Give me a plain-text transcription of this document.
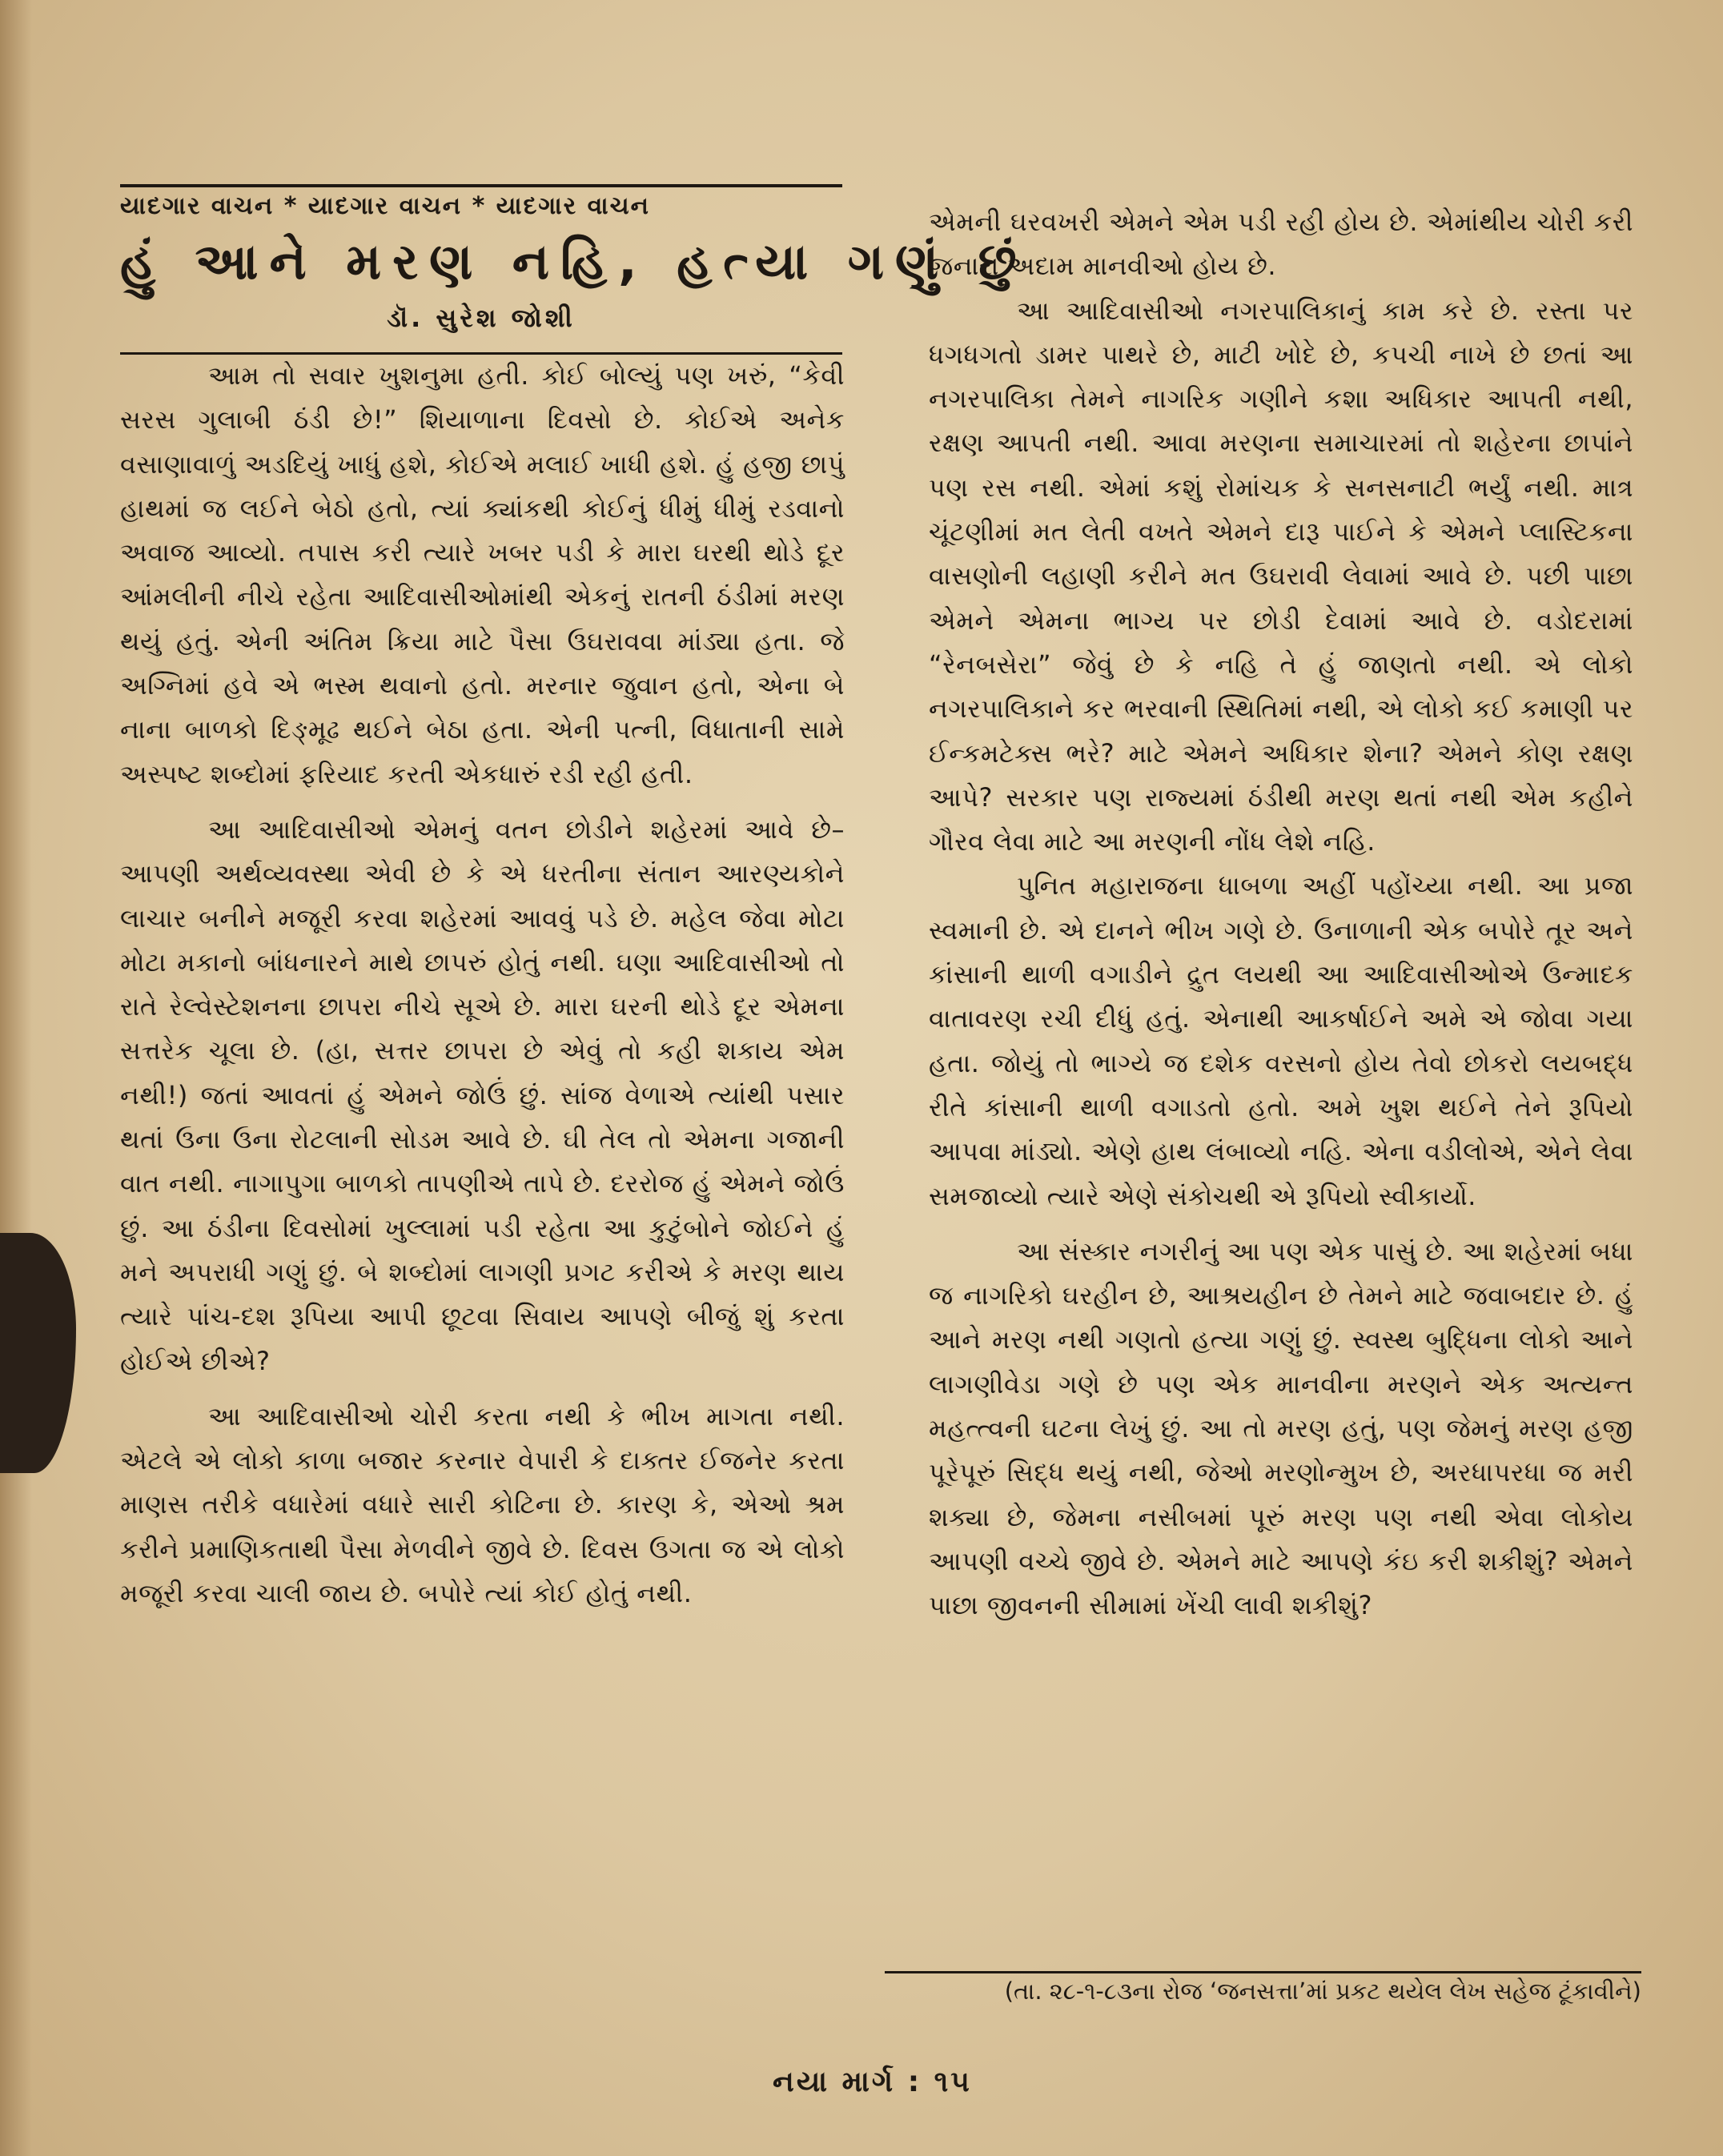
યાદગાર વાચન * યાદગાર વાચન * યાદગાર વાચન
હું આને મરણ નહિ, હત્યા ગણું છું
ડૉ. સુરેશ જોશી

આમ તો સવાર ખુશનુમા હતી. કોઈ બોલ્યું પણ ખરું, “કેવી સરસ ગુલાબી ઠંડી છે!” શિયાળાના દિવસો છે. કોઈએ અનેક વસાણાવાળું અડદિયું ખાધું હશે, કોઈએ મલાઈ ખાધી હશે. હું હજી છાપું હાથમાં જ લઈને બેઠો હતો, ત્યાં ક્યાંકથી કોઈનું ધીમું ધીમું રડવાનો અવાજ આવ્યો. તપાસ કરી ત્યારે ખબર પડી કે મારા ઘરથી થોડે દૂર આંમલીની નીચે રહેતા આદિવાસીઓમાંથી એકનું રાતની ઠંડીમાં મરણ થયું હતું. એની અંતિમ ક્રિયા માટે પૈસા ઉઘરાવવા માંડ્યા હતા. જે અગ્નિમાં હવે એ ભસ્મ થવાનો હતો. મરનાર જુવાન હતો, એના બે નાના બાળકો દિઙ્મૂઢ થઈને બેઠા હતા. એની પત્ની, વિધાતાની સામે અસ્પષ્ટ શબ્દોમાં ફરિયાદ કરતી એકધારું રડી રહી હતી.

આ આદિવાસીઓ એમનું વતન છોડીને શહેરમાં આવે છે–આપણી અર્થવ્યવસ્થા એવી છે કે એ ધરતીના સંતાન આરણ્યકોને લાચાર બનીને મજૂરી કરવા શહેરમાં આવવું પડે છે. મહેલ જેવા મોટા મોટા મકાનો બાંધનારને માથે છાપરું હોતું નથી. ઘણા આદિવાસીઓ તો રાતે રેલ્વેસ્ટેશનના છાપરા નીચે સૂએ છે. મારા ઘરની થોડે દૂર એમના સત્તરેક ચૂલા છે. (હા, સત્તર છાપરા છે એવું તો કહી શકાય એમ નથી!) જતાં આવતાં હું એમને જોઉં છું. સાંજ વેળાએ ત્યાંથી પસાર થતાં ઉના ઉના રોટલાની સોડમ આવે છે. ઘી તેલ તો એમના ગજાની વાત નથી. નાગાપુગા બાળકો તાપણીએ તાપે છે. દરરોજ હું એમને જોઉં છું. આ ઠંડીના દિવસોમાં ખુલ્લામાં પડી રહેતા આ કુટુંબોને જોઈને હું મને અપરાધી ગણું છું. બે શબ્દોમાં લાગણી પ્રગટ કરીએ કે મરણ થાય ત્યારે પાંચ-દશ રૂપિયા આપી છૂટવા સિવાય આપણે બીજું શું કરતા હોઈએ છીએ?

આ આદિવાસીઓ ચોરી કરતા નથી કે ભીખ માગતા નથી. એટલે એ લોકો કાળા બજાર કરનાર વેપારી કે દાક્તર ઈજનેર કરતા માણસ તરીકે વધારેમાં વધારે સારી કોટિના છે. કારણ કે, એઓ શ્રમ કરીને પ્રમાણિકતાથી પૈસા મેળવીને જીવે છે. દિવસ ઉગતા જ એ લોકો મજૂરી કરવા ચાલી જાય છે. બપોરે ત્યાં કોઈ હોતું નથી.

એમની ઘરવખરી એમને એમ પડી રહી હોય છે. એમાંથીય ચોરી કરી જનારા અદામ માનવીઓ હોય છે.

આ આદિવાસીઓ નગરપાલિકાનું કામ કરે છે. રસ્તા પર ધગધગતો ડામર પાથરે છે, માટી ખોદે છે, કપચી નાખે છે છતાં આ નગરપાલિકા તેમને નાગરિક ગણીને કશા અધિકાર આપતી નથી, રક્ષણ આપતી નથી. આવા મરણના સમાચારમાં તો શહેરના છાપાંને પણ રસ નથી. એમાં કશું રોમાંચક કે સનસનાટી ભર્યું નથી. માત્ર ચૂંટણીમાં મત લેતી વખતે એમને દારૂ પાઈને કે એમને પ્લાસ્ટિકના વાસણોની લહાણી કરીને મત ઉઘરાવી લેવામાં આવે છે. પછી પાછા એમને એમના ભાગ્ય પર છોડી દેવામાં આવે છે. વડોદરામાં “રેનબસેરા” જેવું છે કે નહિ તે હું જાણતો નથી. એ લોકો નગરપાલિકાને કર ભરવાની સ્થિતિમાં નથી, એ લોકો કઈ કમાણી પર ઈન્કમટેક્સ ભરે? માટે એમને અધિકાર શેના? એમને કોણ રક્ષણ આપે? સરકાર પણ રાજ્યમાં ઠંડીથી મરણ થતાં નથી એમ કહીને ગૌરવ લેવા માટે આ મરણની નોંધ લેશે નહિ.

પુનિત મહારાજના ધાબળા અહીં પહોંચ્યા નથી. આ પ્રજા સ્વમાની છે. એ દાનને ભીખ ગણે છે. ઉનાળાની એક બપોરે તૂર અને કાંસાની થાળી વગાડીને દ્રુત લયથી આ આદિવાસીઓએ ઉન્માદક વાતાવરણ રચી દીધું હતું. એનાથી આકર્ષાઈને અમે એ જોવા ગયા હતા. જોયું તો ભાગ્યે જ દશેક વરસનો હોય તેવો છોકરો લયબદ્ધ રીતે કાંસાની થાળી વગાડતો હતો. અમે ખુશ થઈને તેને રૂપિયો આપવા માંડ્યો. એણે હાથ લંબાવ્યો નહિ. એના વડીલોએ, એને લેવા સમજાવ્યો ત્યારે એણે સંકોચથી એ રૂપિયો સ્વીકાર્યો.

આ સંસ્કાર નગરીનું આ પણ એક પાસું છે. આ શહેરમાં બધા જ નાગરિકો ઘરહીન છે, આશ્રયહીન છે તેમને માટે જવાબદાર છે. હું આને મરણ નથી ગણતો હત્યા ગણું છું. સ્વસ્થ બુદ્ધિના લોકો આને લાગણીવેડા ગણે છે પણ એક માનવીના મરણને એક અત્યન્ત મહત્ત્વની ઘટના લેખું છું. આ તો મરણ હતું, પણ જેમનું મરણ હજી પૂરેપૂરું સિદ્ધ થયું નથી, જેઓ મરણોન્મુખ છે, અરધાપરધા જ મરી શક્યા છે, જેમના નસીબમાં પૂરું મરણ પણ નથી એવા લોકોય આપણી વચ્ચે જીવે છે. એમને માટે આપણે કંઇ કરી શકીશું? એમને પાછા જીવનની સીમામાં ખેંચી લાવી શકીશું?

(તા. ૨૮-૧-૮૩ના રોજ ‘જનસત્તા’માં પ્રકટ થયેલ લેખ સહેજ ટૂંકાવીને)
નયા માર્ગ : ૧૫
